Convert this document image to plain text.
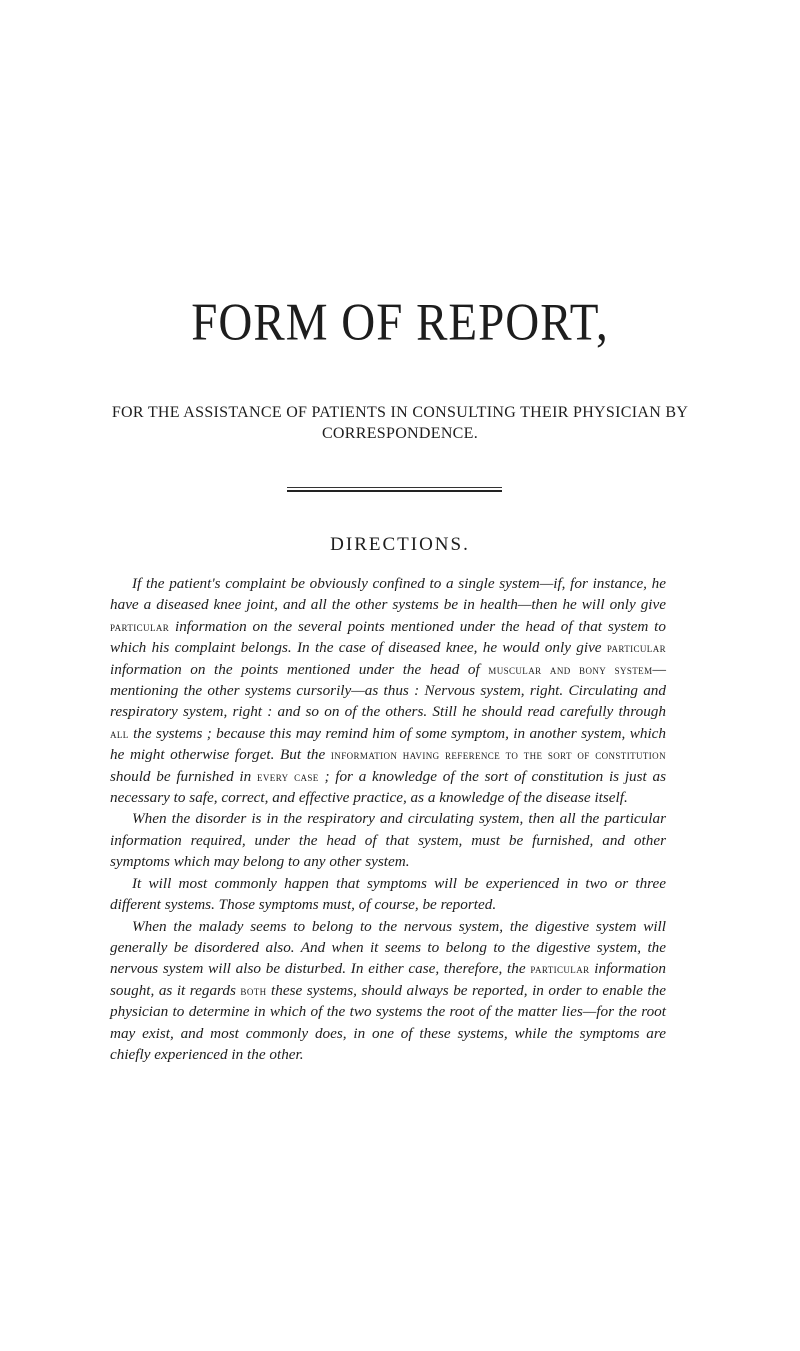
FORM OF REPORT,
FOR THE ASSISTANCE OF PATIENTS IN CONSULTING THEIR PHYSICIAN BY CORRESPONDENCE.
DIRECTIONS.

If the patient's complaint be obviously confined to a single system—if, for instance, he have a diseased knee joint, and all the other systems be in health—then he will only give particular information on the several points mentioned under the head of that system to which his complaint belongs. In the case of diseased knee, he would only give particular information on the points mentioned under the head of muscular and bony system—mentioning the other systems cursorily—as thus : Nervous system, right. Circulating and respiratory system, right : and so on of the others. Still he should read carefully through all the systems ; because this may remind him of some symptom, in another system, which he might otherwise forget. But the information having reference to the sort of constitution should be furnished in every case ; for a knowledge of the sort of constitution is just as necessary to safe, correct, and effective practice, as a knowledge of the disease itself.

When the disorder is in the respiratory and circulating system, then all the particular information required, under the head of that system, must be furnished, and other symptoms which may belong to any other system.

It will most commonly happen that symptoms will be experienced in two or three different systems. Those symptoms must, of course, be reported.

When the malady seems to belong to the nervous system, the digestive system will generally be disordered also. And when it seems to belong to the digestive system, the nervous system will also be disturbed. In either case, therefore, the particular information sought, as it regards both these systems, should always be reported, in order to enable the physician to determine in which of the two systems the root of the matter lies—for the root may exist, and most commonly does, in one of these systems, while the symptoms are chiefly experienced in the other.
